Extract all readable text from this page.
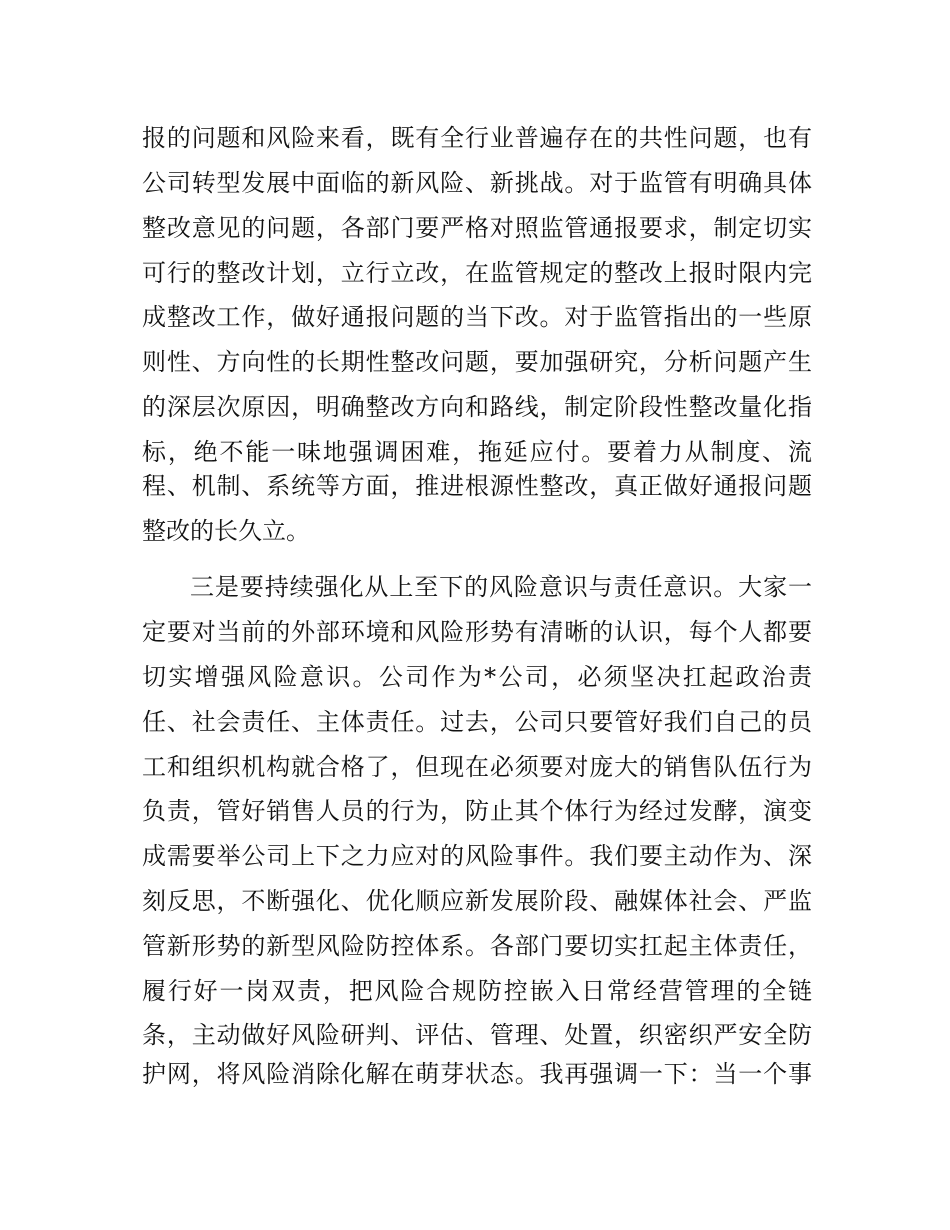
报的问题和风险来看，既有全行业普遍存在的共性问题，也有
公司转型发展中面临的新风险、新挑战。对于监管有明确具体
整改意见的问题，各部门要严格对照监管通报要求，制定切实
可行的整改计划，立行立改，在监管规定的整改上报时限内完
成整改工作，做好通报问题的当下改。对于监管指出的一些原
则性、方向性的长期性整改问题，要加强研究，分析问题产生
的深层次原因，明确整改方向和路线，制定阶段性整改量化指
标，绝不能一味地强调困难，拖延应付。要着力从制度、流
程、机制、系统等方面，推进根源性整改，真正做好通报问题
整改的长久立。
三是要持续强化从上至下的风险意识与责任意识。大家一
定要对当前的外部环境和风险形势有清晰的认识，每个人都要
切实增强风险意识。公司作为*公司，必须坚决扛起政治责
任、社会责任、主体责任。过去，公司只要管好我们自己的员
工和组织机构就合格了，但现在必须要对庞大的销售队伍行为
负责，管好销售人员的行为，防止其个体行为经过发酵，演变
成需要举公司上下之力应对的风险事件。我们要主动作为、深
刻反思，不断强化、优化顺应新发展阶段、融媒体社会、严监
管新形势的新型风险防控体系。各部门要切实扛起主体责任，
履行好一岗双责，把风险合规防控嵌入日常经营管理的全链
条，主动做好风险研判、评估、管理、处置，织密织严安全防
护网，将风险消除化解在萌芽状态。我再强调一下：当一个事
